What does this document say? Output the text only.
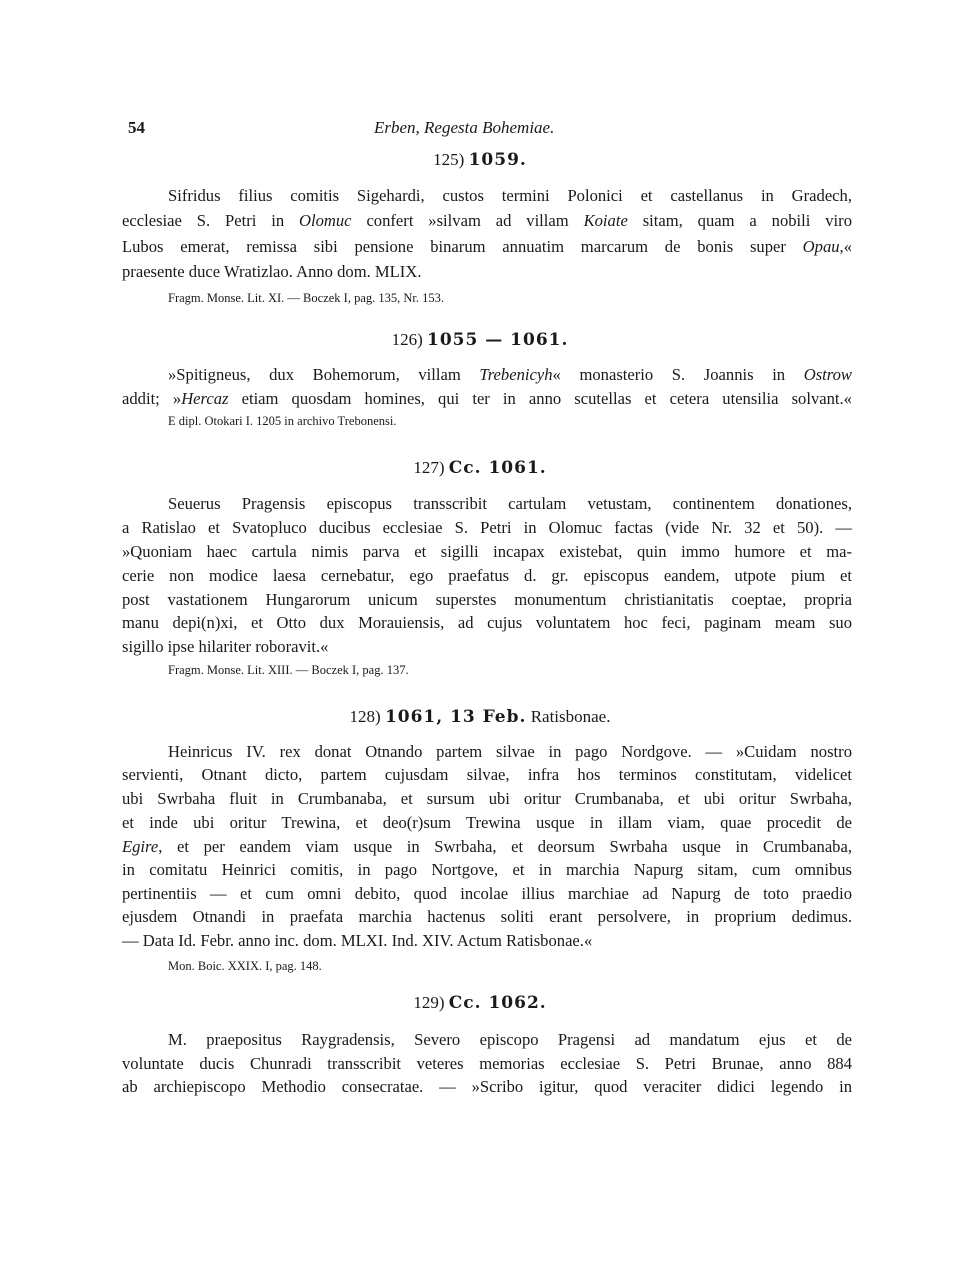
54	Erben, Regesta Bohemiae.
125) 1059.
Sifridus filius comitis Sigehardi, custos termini Polonici et castellanus in Gradech,
ecclesiae S. Petri in Olomuc confert »silvam ad villam Koiate sitam, quam a nobili viro
Lubos emerat, remissa sibi pensione binarum annuatim marcarum de bonis super Opau,«
praesente duce Wratizlao. Anno dom. MLIX.
Fragm. Monse. Lit. XI. — Boczek I, pag. 135, Nr. 153.
126) 1055 — 1061.
»Spitigneus, dux Bohemorum, villam Trebenicyh« monasterio S. Joannis in Ostrow
addit; »Hercaz etiam quosdam homines, qui ter in anno scutellas et cetera utensilia solvant.«
E dipl. Otokari I. 1205 in archivo Trebonensi.
127) Cc. 1061.
Seuerus Pragensis episcopus transscribit cartulam vetustam, continentem donationes,
a Ratislao et Svatopluco ducibus ecclesiae S. Petri in Olomuc factas (vide Nr. 32 et 50). —
»Quoniam haec cartula nimis parva et sigilli incapax existebat, quin immo humore et ma-
cerie non modice laesa cernebatur, ego praefatus d. gr. episcopus eandem, utpote pium et
post vastationem Hungarorum unicum superstes monumentum christianitatis coeptae, propria
manu depi(n)xi, et Otto dux Morauiensis, ad cujus voluntatem hoc feci, paginam meam suo
sigillo ipse hilariter roboravit.«
Fragm. Monse. Lit. XIII. — Boczek I, pag. 137.
128) 1061, 13 Feb. Ratisbonae.
Heinricus IV. rex donat Otnando partem silvae in pago Nordgove. — »Cuidam nostro
servienti, Otnant dicto, partem cujusdam silvae, infra hos terminos constitutam, videlicet
ubi Swrbaha fluit in Crumbanaba, et sursum ubi oritur Crumbanaba, et ubi oritur Swrbaha,
et inde ubi oritur Trewina, et deo(r)sum Trewina usque in illam viam, quae procedit de
Egire, et per eandem viam usque in Swrbaha, et deorsum Swrbaha usque in Crumbanaba,
in comitatu Heinrici comitis, in pago Nortgove, et in marchia Napurg sitam, cum omnibus
pertinentiis — et cum omni debito, quod incolae illius marchiae ad Napurg de toto praedio
ejusdem Otnandi in praefata marchia hactenus soliti erant persolvere, in proprium dedimus.
— Data Id. Febr. anno inc. dom. MLXI. Ind. XIV. Actum Ratisbonae.«
Mon. Boic. XXIX. I, pag. 148.
129) Cc. 1062.
M. praepositus Raygradensis, Severo episcopo Pragensi ad mandatum ejus et de
voluntate ducis Chunradi transscribit veteres memorias ecclesiae S. Petri Brunae, anno 884
ab archiepiscopo Methodio consecratae. — »Scribo igitur, quod veraciter didici legendo in
